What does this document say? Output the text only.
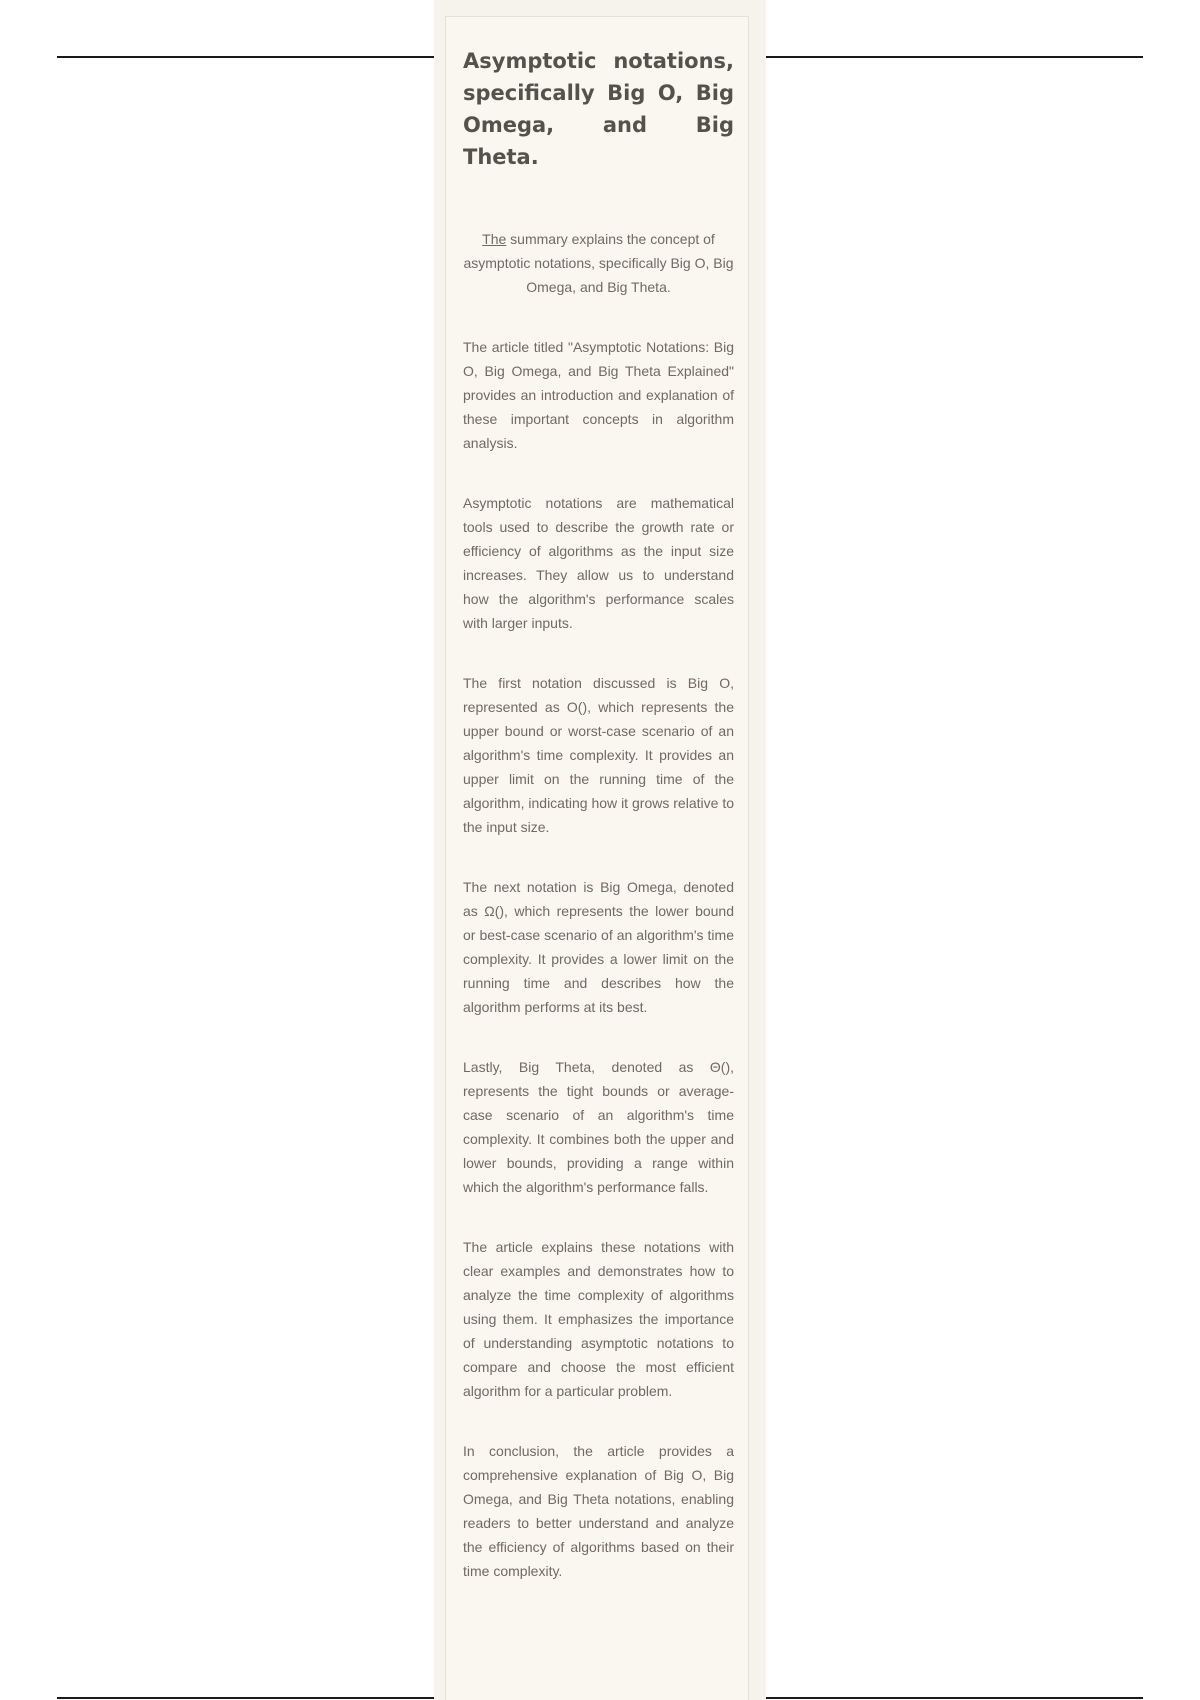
Asymptotic notations, specifically Big O, Big Omega, and Big Theta.

The summary explains the concept of asymptotic notations, specifically Big O, Big Omega, and Big Theta.

The article titled "Asymptotic Notations: Big O, Big Omega, and Big Theta Explained" provides an introduction and explanation of these important concepts in algorithm analysis.

Asymptotic notations are mathematical tools used to describe the growth rate or efficiency of algorithms as the input size increases. They allow us to understand how the algorithm's performance scales with larger inputs.

The first notation discussed is Big O, represented as O(), which represents the upper bound or worst-case scenario of an algorithm's time complexity. It provides an upper limit on the running time of the algorithm, indicating how it grows relative to the input size.

The next notation is Big Omega, denoted as Ω(), which represents the lower bound or best-case scenario of an algorithm's time complexity. It provides a lower limit on the running time and describes how the algorithm performs at its best.

Lastly, Big Theta, denoted as Θ(), represents the tight bounds or average-case scenario of an algorithm's time complexity. It combines both the upper and lower bounds, providing a range within which the algorithm's performance falls.

The article explains these notations with clear examples and demonstrates how to analyze the time complexity of algorithms using them. It emphasizes the importance of understanding asymptotic notations to compare and choose the most efficient algorithm for a particular problem.

In conclusion, the article provides a comprehensive explanation of Big O, Big Omega, and Big Theta notations, enabling readers to better understand and analyze the efficiency of algorithms based on their time complexity.
